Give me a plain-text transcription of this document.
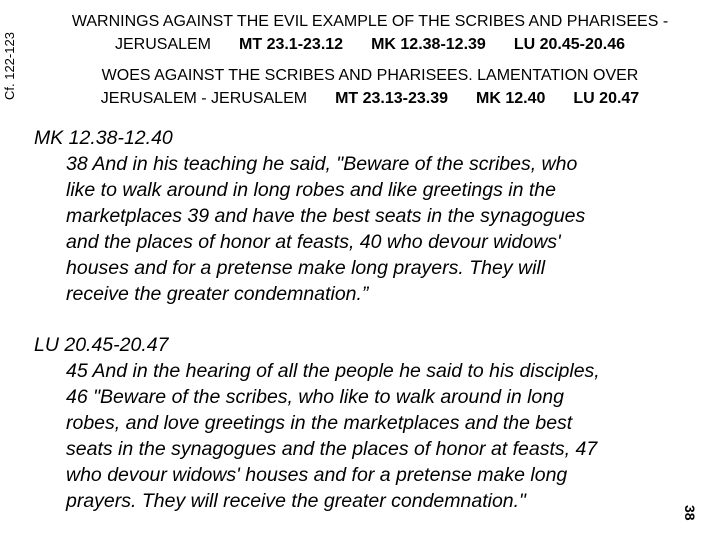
Cf. 122-123
38
WARNINGS AGAINST THE EVIL EXAMPLE OF THE SCRIBES AND PHARISEES -
JERUSALEM MT 23.1-23.12 MK 12.38-12.39 LU 20.45-20.46
WOES AGAINST THE SCRIBES AND PHARISEES. LAMENTATION OVER
JERUSALEM - JERUSALEM MT 23.13-23.39 MK 12.40 LU 20.47
MK 12.38-12.40
38 And in his teaching he said, "Beware of the scribes, who
like to walk around in long robes and like greetings in the
marketplaces 39 and have the best seats in the synagogues
and the places of honor at feasts, 40 who devour widows'
houses and for a pretense make long prayers. They will
receive the greater condemnation.”
LU 20.45-20.47
45 And in the hearing of all the people he said to his disciples,
46 "Beware of the scribes, who like to walk around in long
robes, and love greetings in the marketplaces and the best
seats in the synagogues and the places of honor at feasts, 47
who devour widows' houses and for a pretense make long
prayers. They will receive the greater condemnation."
